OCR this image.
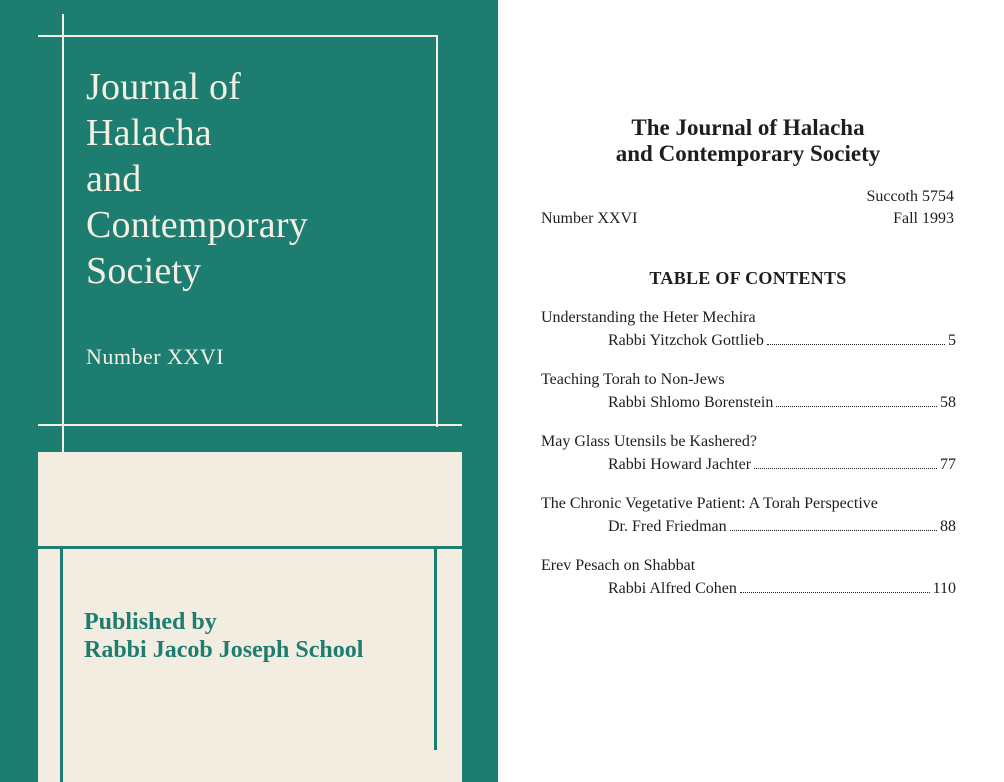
Journal of
Halacha
and
Contemporary
Society
Number XXVI
Published by
Rabbi Jacob Joseph School
The Journal of Halacha
and Contemporary Society
Succoth 5754
Number XXVI	Fall 1993
TABLE OF CONTENTS
Understanding the Heter Mechira
Rabbi Yitzchok Gottlieb	5
Teaching Torah to Non-Jews
Rabbi Shlomo Borenstein	58
May Glass Utensils be Kashered?
Rabbi Howard Jachter	77
The Chronic Vegetative Patient: A Torah Perspective
Dr. Fred Friedman	88
Erev Pesach on Shabbat
Rabbi Alfred Cohen	110
